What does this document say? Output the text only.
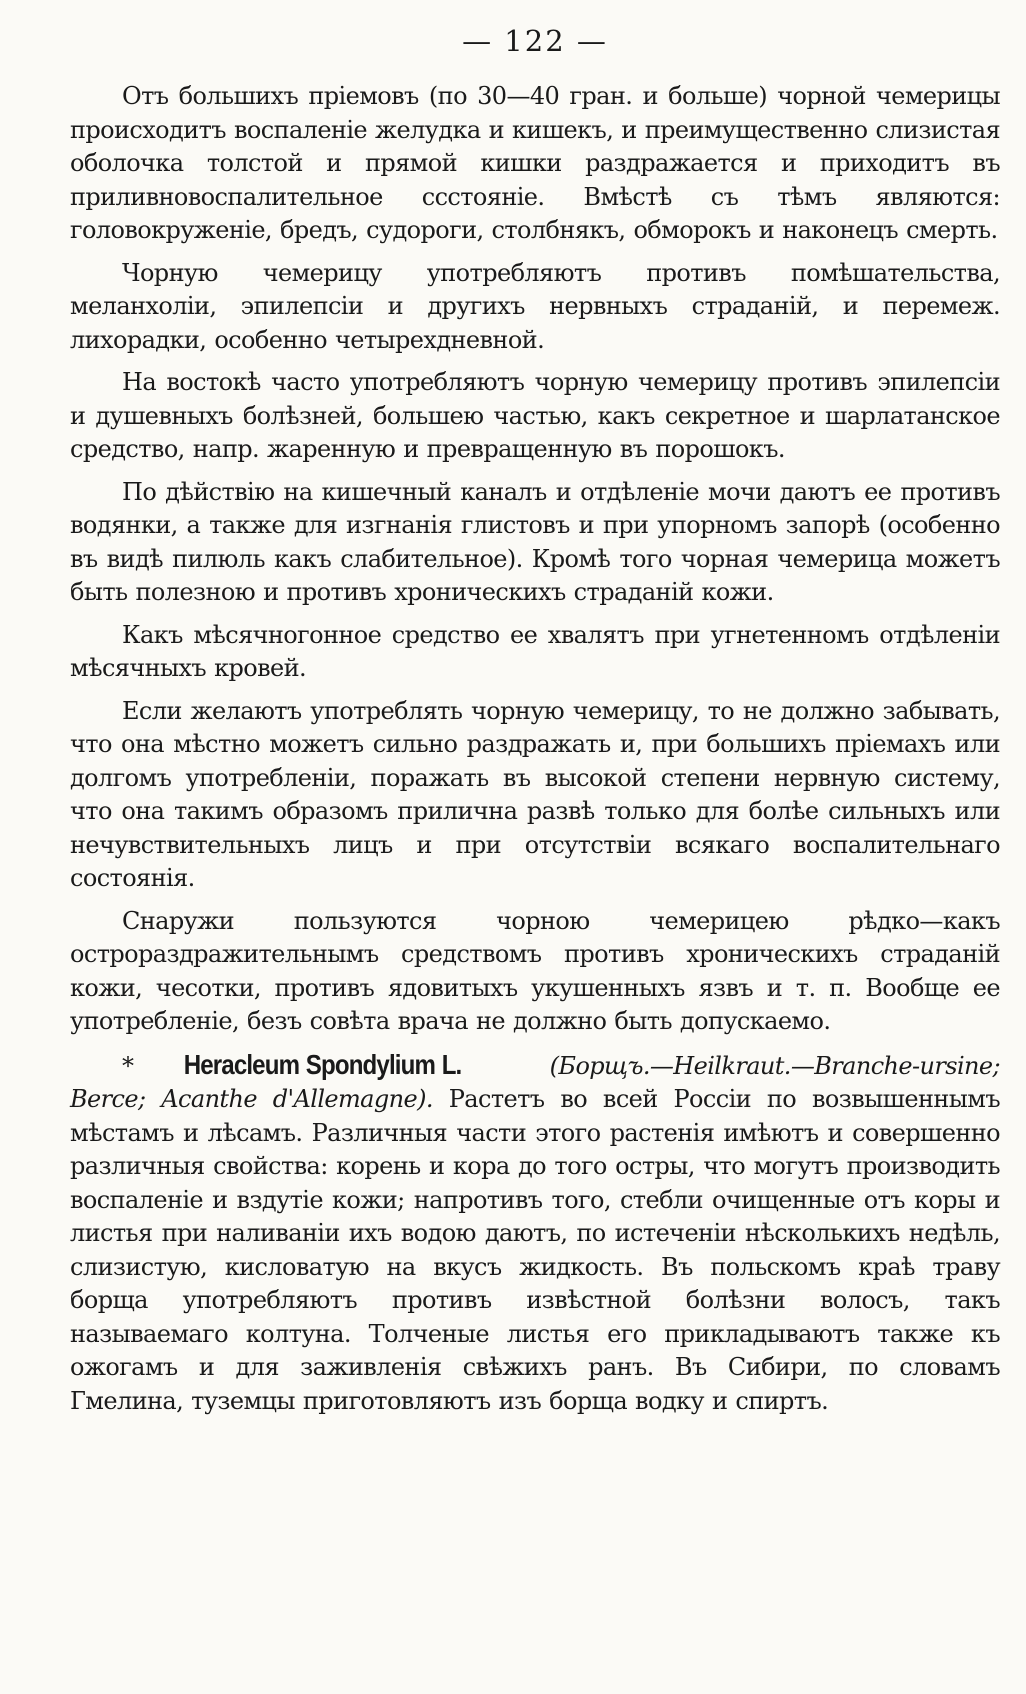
— 122 —

Отъ большихъ пріемовъ (по 30—40 гран. и больше) чорной чемерицы происходитъ воспаленіе желудка и кишекъ, и преимущественно слизистая оболочка толстой и прямой кишки раздражается и приходитъ въ приливновоспалительное ссстояніе. Вмѣстѣ съ тѣмъ являются: головокруженіе, бредъ, судороги, столбнякъ, обморокъ и наконецъ смерть.

Чорную чемерицу употребляютъ противъ помѣшательства, меланхоліи, эпилепсіи и другихъ нервныхъ страданій, и перемеж. лихорадки, особенно четырехдневной.

На востокѣ часто употребляютъ чорную чемерицу противъ эпилепсіи и душевныхъ болѣзней, большею частью, какъ секретное и шарлатанское средство, напр. жаренную и превращенную въ порошокъ.

По дѣйствію на кишечный каналъ и отдѣленіе мочи даютъ ее противъ водянки, а также для изгнанія глистовъ и при упорномъ запорѣ (особенно въ видѣ пилюль какъ слабительное). Кромѣ того чорная чемерица можетъ быть полезною и противъ хроническихъ страданій кожи.

Какъ мѣсячногонное средство ее хвалятъ при угнетенномъ отдѣленіи мѣсячныхъ кровей.

Если желаютъ употреблять чорную чемерицу, то не должно забывать, что она мѣстно можетъ сильно раздражать и, при большихъ пріемахъ или долгомъ употребленіи, поражать въ высокой степени нервную систему, что она такимъ образомъ прилична развѣ только для болѣе сильныхъ или нечувствительныхъ лицъ и при отсутствіи всякаго воспалительнаго состоянія.

Снаружи пользуются чорною чемерицею рѣдко—какъ остpораздражительнымъ средствомъ противъ хроническихъ страданій кожи, чесотки, противъ ядовитыхъ укушенныхъ язвъ и т. п. Вообще ее употребленіе, безъ совѣта врача не должно быть допускаемо.

* Heracleum Spondylium L.	(Борщъ.—Heilkraut.—Branche-ursine; Berce; Acanthe d'Allemagne). Растетъ во всей Россіи по возвышеннымъ мѣстамъ и лѣсамъ. Различныя части этого растенія имѣютъ и совершенно различныя свойства: корень и кора до того остры, что могутъ производить воспаленіе и вздутіе кожи; напротивъ того, стебли очищенные отъ коры и листья при наливаніи ихъ водою даютъ, по истеченіи нѣсколькихъ недѣль, слизистую, кисловатую на вкусъ жидкость. Въ польскомъ краѣ траву борща употребляютъ противъ извѣстной болѣзни волосъ, такъ называемаго колтуна. Толченые листья его прикладываютъ также къ ожогамъ и для заживленія свѣжихъ ранъ. Въ Сибири, по словамъ Гмелина, туземцы приготовляютъ изъ борща водку и спиртъ.
